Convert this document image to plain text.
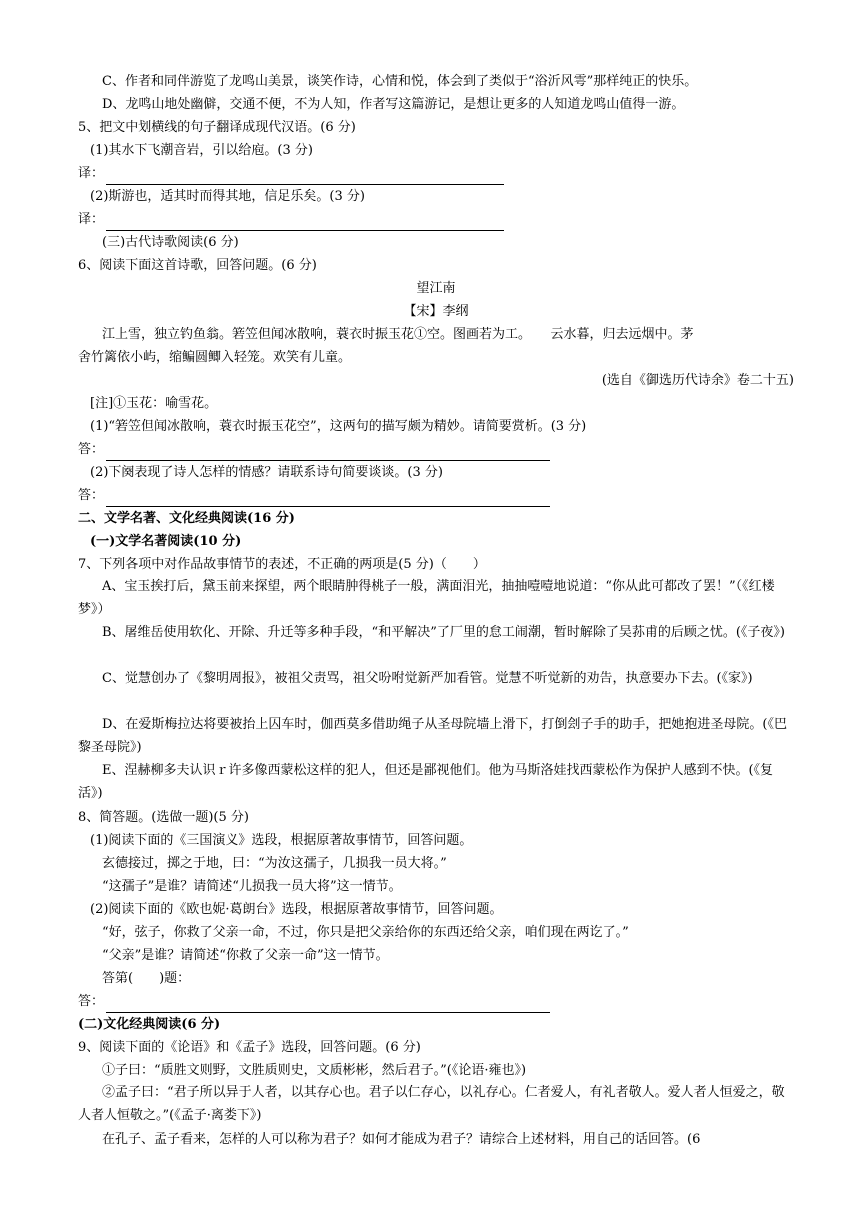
C、作者和同伴游览了龙鸣山美景，谈笑作诗，心情和悦，体会到了类似于“浴沂风雩”那样纯正的快乐。
D、龙鸣山地处幽僻，交通不便，不为人知，作者写这篇游记，是想让更多的人知道龙鸣山值得一游。
5、把文中划横线的句子翻译成现代汉语。(6 分)
(1)其水下飞潮音岩，引以给庖。(3 分)
译：
(2)斯游也，适其时而得其地，信足乐矣。(3 分)
译：
(三)古代诗歌阅读(6 分)
6、阅读下面这首诗歌，回答问题。(6 分)
望江南
【宋】李纲
江上雪，独立钓鱼翁。箬笠但闻冰散响，蓑衣时振玉花①空。图画若为工。　　云水暮，归去远烟中。茅
舍竹篱依小屿，缩鳊圆鲫入轻笼。欢笑有儿童。
(选自《御选历代诗余》卷二十五)
[注]①玉花：喻雪花。
(1)“箬笠但闻冰散响，蓑衣时振玉花空”，这两句的描写颇为精妙。请简要赏析。(3 分)
答：
(2)下阕表现了诗人怎样的情感？请联系诗句简要谈谈。(3 分)
答：
二、文学名著、文化经典阅读(16 分)
(一)文学名著阅读(10 分)
7、下列各项中对作品故事情节的表述，不正确的两项是(5 分)（　　）
A、宝玉挨打后，黛玉前来探望，两个眼睛肿得桃子一般，满面泪光，抽抽噎噎地说道：“你从此可都改了罢！”（《红楼梦》）
B、屠维岳使用软化、开除、升迁等多种手段，“和平解决”了厂里的怠工闹潮，暂时解除了吴荪甫的后顾之忧。(《子夜》)
C、觉慧创办了《黎明周报》，被祖父责骂，祖父吩咐觉新严加看管。觉慧不听觉新的劝告，执意要办下去。(《家》)
D、在爱斯梅拉达将要被抬上囚车时，伽西莫多借助绳子从圣母院墙上滑下，打倒刽子手的助手，把她抱进圣母院。(《巴黎圣母院》)
E、涅赫柳多夫认识ｒ许多像西蒙松这样的犯人，但还是鄙视他们。他为马斯洛娃找西蒙松作为保护人感到不快。(《复活》)
8、简答题。(选做一题)(5 分)
(1)阅读下面的《三国演义》选段，根据原著故事情节，回答问题。
玄德接过，掷之于地，曰：“为汝这孺子，几损我一员大将。”
“这孺子”是谁？请简述“儿损我一员大将”这一情节。
(2)阅读下面的《欧也妮·葛朗台》选段，根据原著故事情节，回答问题。
“好，弦子，你救了父亲一命，不过，你只是把父亲给你的东西还给父亲，咱们现在两讫了。”
“父亲”是谁？请简述“你救了父亲一命”这一情节。
答第(　　)题：
答：
(二)文化经典阅读(6 分)
9、阅读下面的《论语》和《孟子》选段，回答问题。(6 分)
①子曰：“质胜文则野，文胜质则史，文质彬彬，然后君子。”(《论语·雍也》)
②孟子曰：“君子所以异于人者，以其存心也。君子以仁存心，以礼存心。仁者爱人，有礼者敬人。爱人者人恒爱之，敬人者人恒敬之。”(《孟子·离娄下》)
在孔子、孟子看来，怎样的人可以称为君子？如何才能成为君子？请综合上述材料，用自己的话回答。(6
